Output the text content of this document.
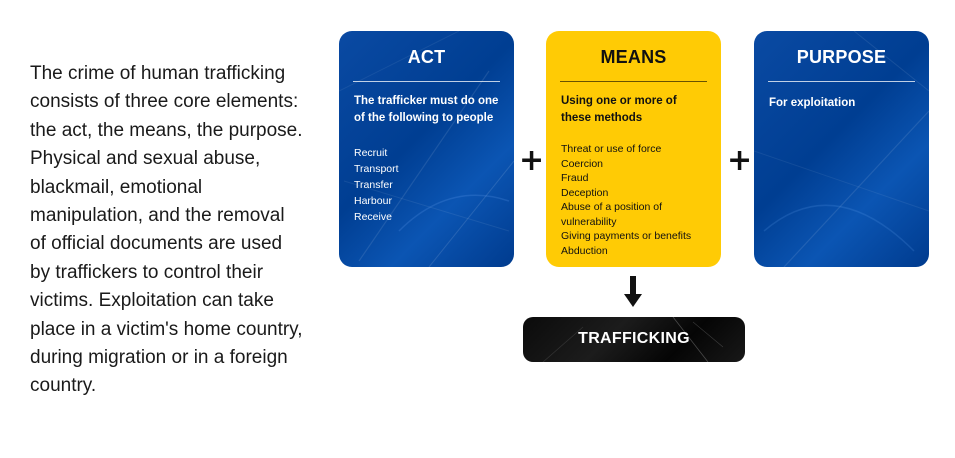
The crime of human trafficking consists of three core elements: the act, the means, the purpose. Physical and sexual abuse, blackmail, emotional manipulation, and the removal of official documents are used by traffickers to control their victims. Exploitation can take place in a victim's home country, during migration or in a foreign country.
ACT
The trafficker must do one of the following to people
Recruit
Transport
Transfer
Harbour
Receive
+
MEANS
Using one or more of these methods
Threat or use of force
Coercion
Fraud
Deception
Abuse of a position of vulnerability
Giving payments or benefits
Abduction
+
PURPOSE
For exploitation
TRAFFICKING
